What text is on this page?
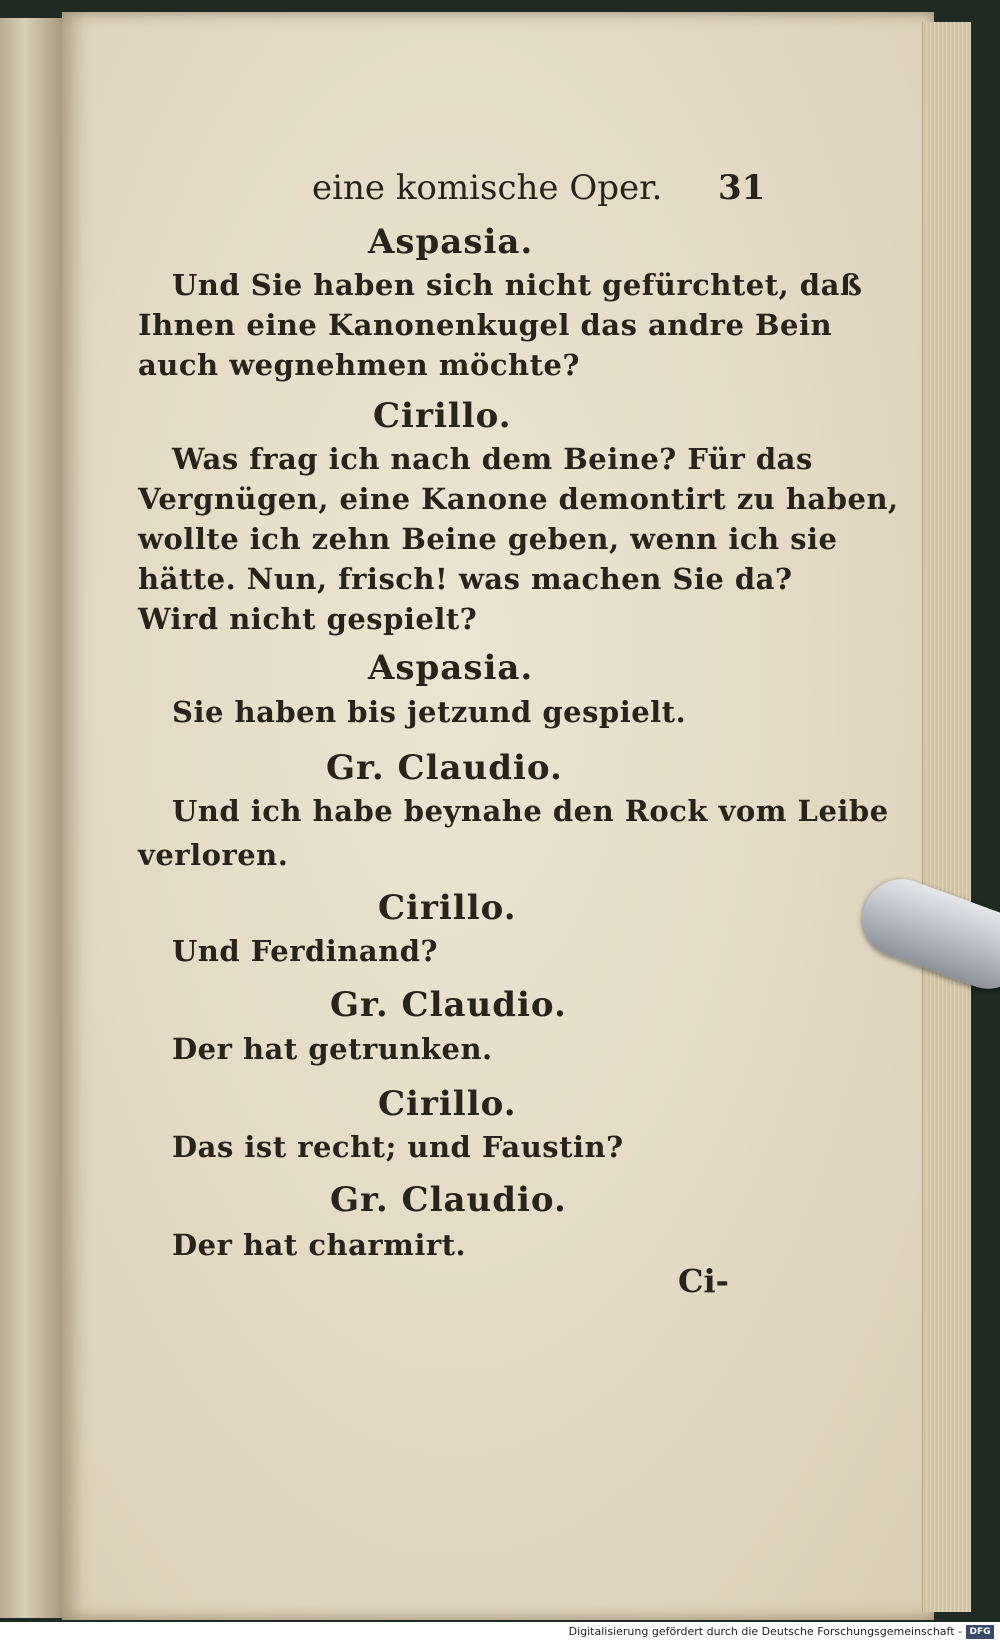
eine komische Oper. 31
Aspasia.
Und Sie haben sich nicht gefürchtet, daß
Ihnen eine Kanonenkugel das andre Bein
auch wegnehmen möchte?
Cirillo.
Was frag ich nach dem Beine? Für das
Vergnügen, eine Kanone demontirt zu haben,
wollte ich zehn Beine geben, wenn ich sie
hätte. Nun, frisch! was machen Sie da?
Wird nicht gespielt?
Aspasia.
Sie haben bis jetzund gespielt.
Gr. Claudio.
Und ich habe beynahe den Rock vom Leibe
verloren.
Cirillo.
Und Ferdinand?
Gr. Claudio.
Der hat getrunken.
Cirillo.
Das ist recht; und Faustin?
Gr. Claudio.
Der hat charmirt.
Ci-
Digitalisierung gefördert durch die Deutsche Forschungsgemeinschaft - DFG
